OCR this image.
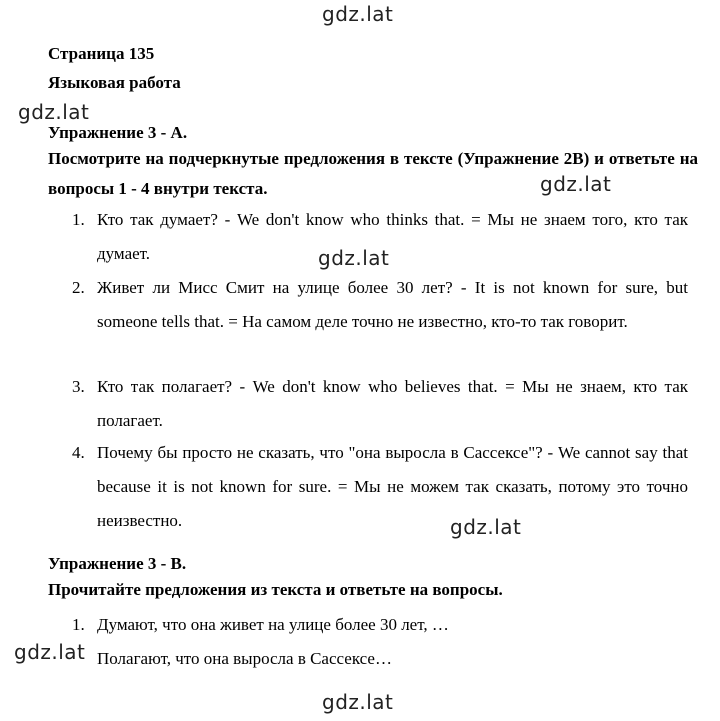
gdz.lat
gdz.lat
gdz.lat
gdz.lat
gdz.lat
gdz.lat
gdz.lat
Страница 135
Языковая работа
Упражнение 3 - A.
Посмотрите на подчеркнутые предложения в тексте (Упражнение 2B) и ответьте на вопросы 1 - 4 внутри текста.
1. Кто так думает? - We don't know who thinks that. = Мы не знаем того, кто так думает.
2. Живет ли Мисс Смит на улице более 30 лет? - It is not known for sure, but someone tells that. = На самом деле точно не известно, кто-то так говорит.
3. Кто так полагает? - We don't know who believes that. = Мы не знаем, кто так полагает.
4. Почему бы просто не сказать, что "она выросла в Сассексе"? - We cannot say that because it is not known for sure. = Мы не можем так сказать, потому это точно неизвестно.
Упражнение 3 - B.
Прочитайте предложения из текста и ответьте на вопросы.
1. Думают, что она живет на улице более 30 лет, …
Полагают, что она выросла в Сассексе…
